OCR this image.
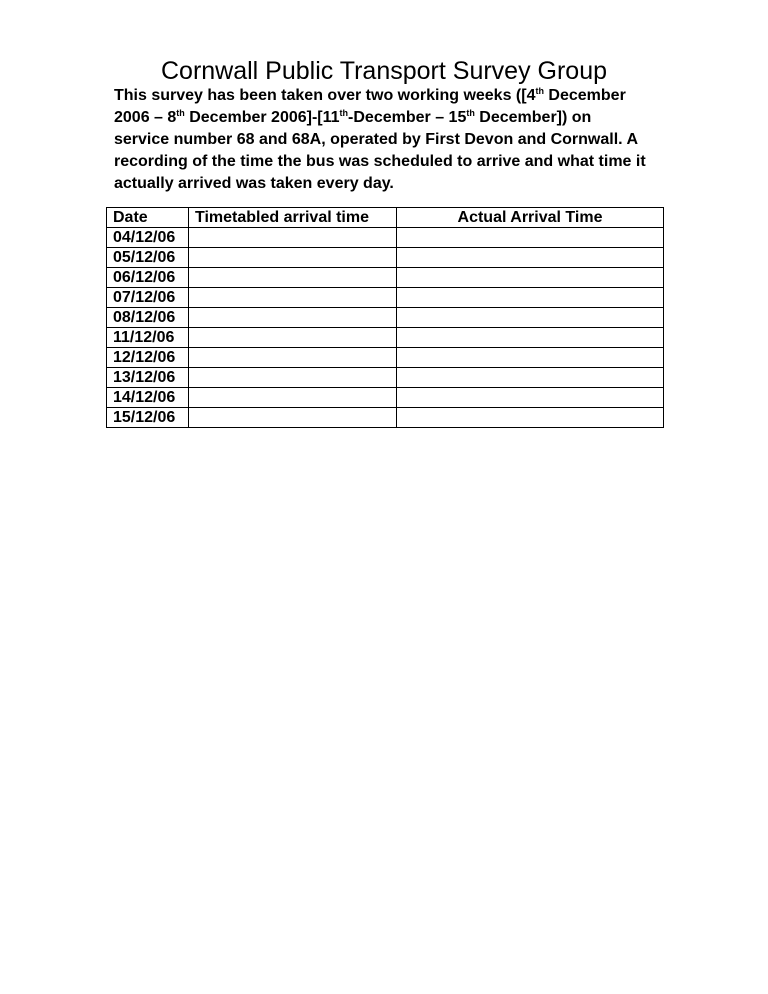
Cornwall Public Transport Survey Group
This survey has been taken over two working weeks ([4th December
2006 – 8th December 2006]-[11th-December – 15th December]) on
service number 68 and 68A, operated by First Devon and Cornwall. A
recording of the time the bus was scheduled to arrive and what time it
actually arrived was taken every day.
Date	Timetabled arrival time	Actual Arrival Time
04/12/06		
05/12/06		
06/12/06		
07/12/06		
08/12/06		
11/12/06		
12/12/06		
13/12/06		
14/12/06		
15/12/06		
